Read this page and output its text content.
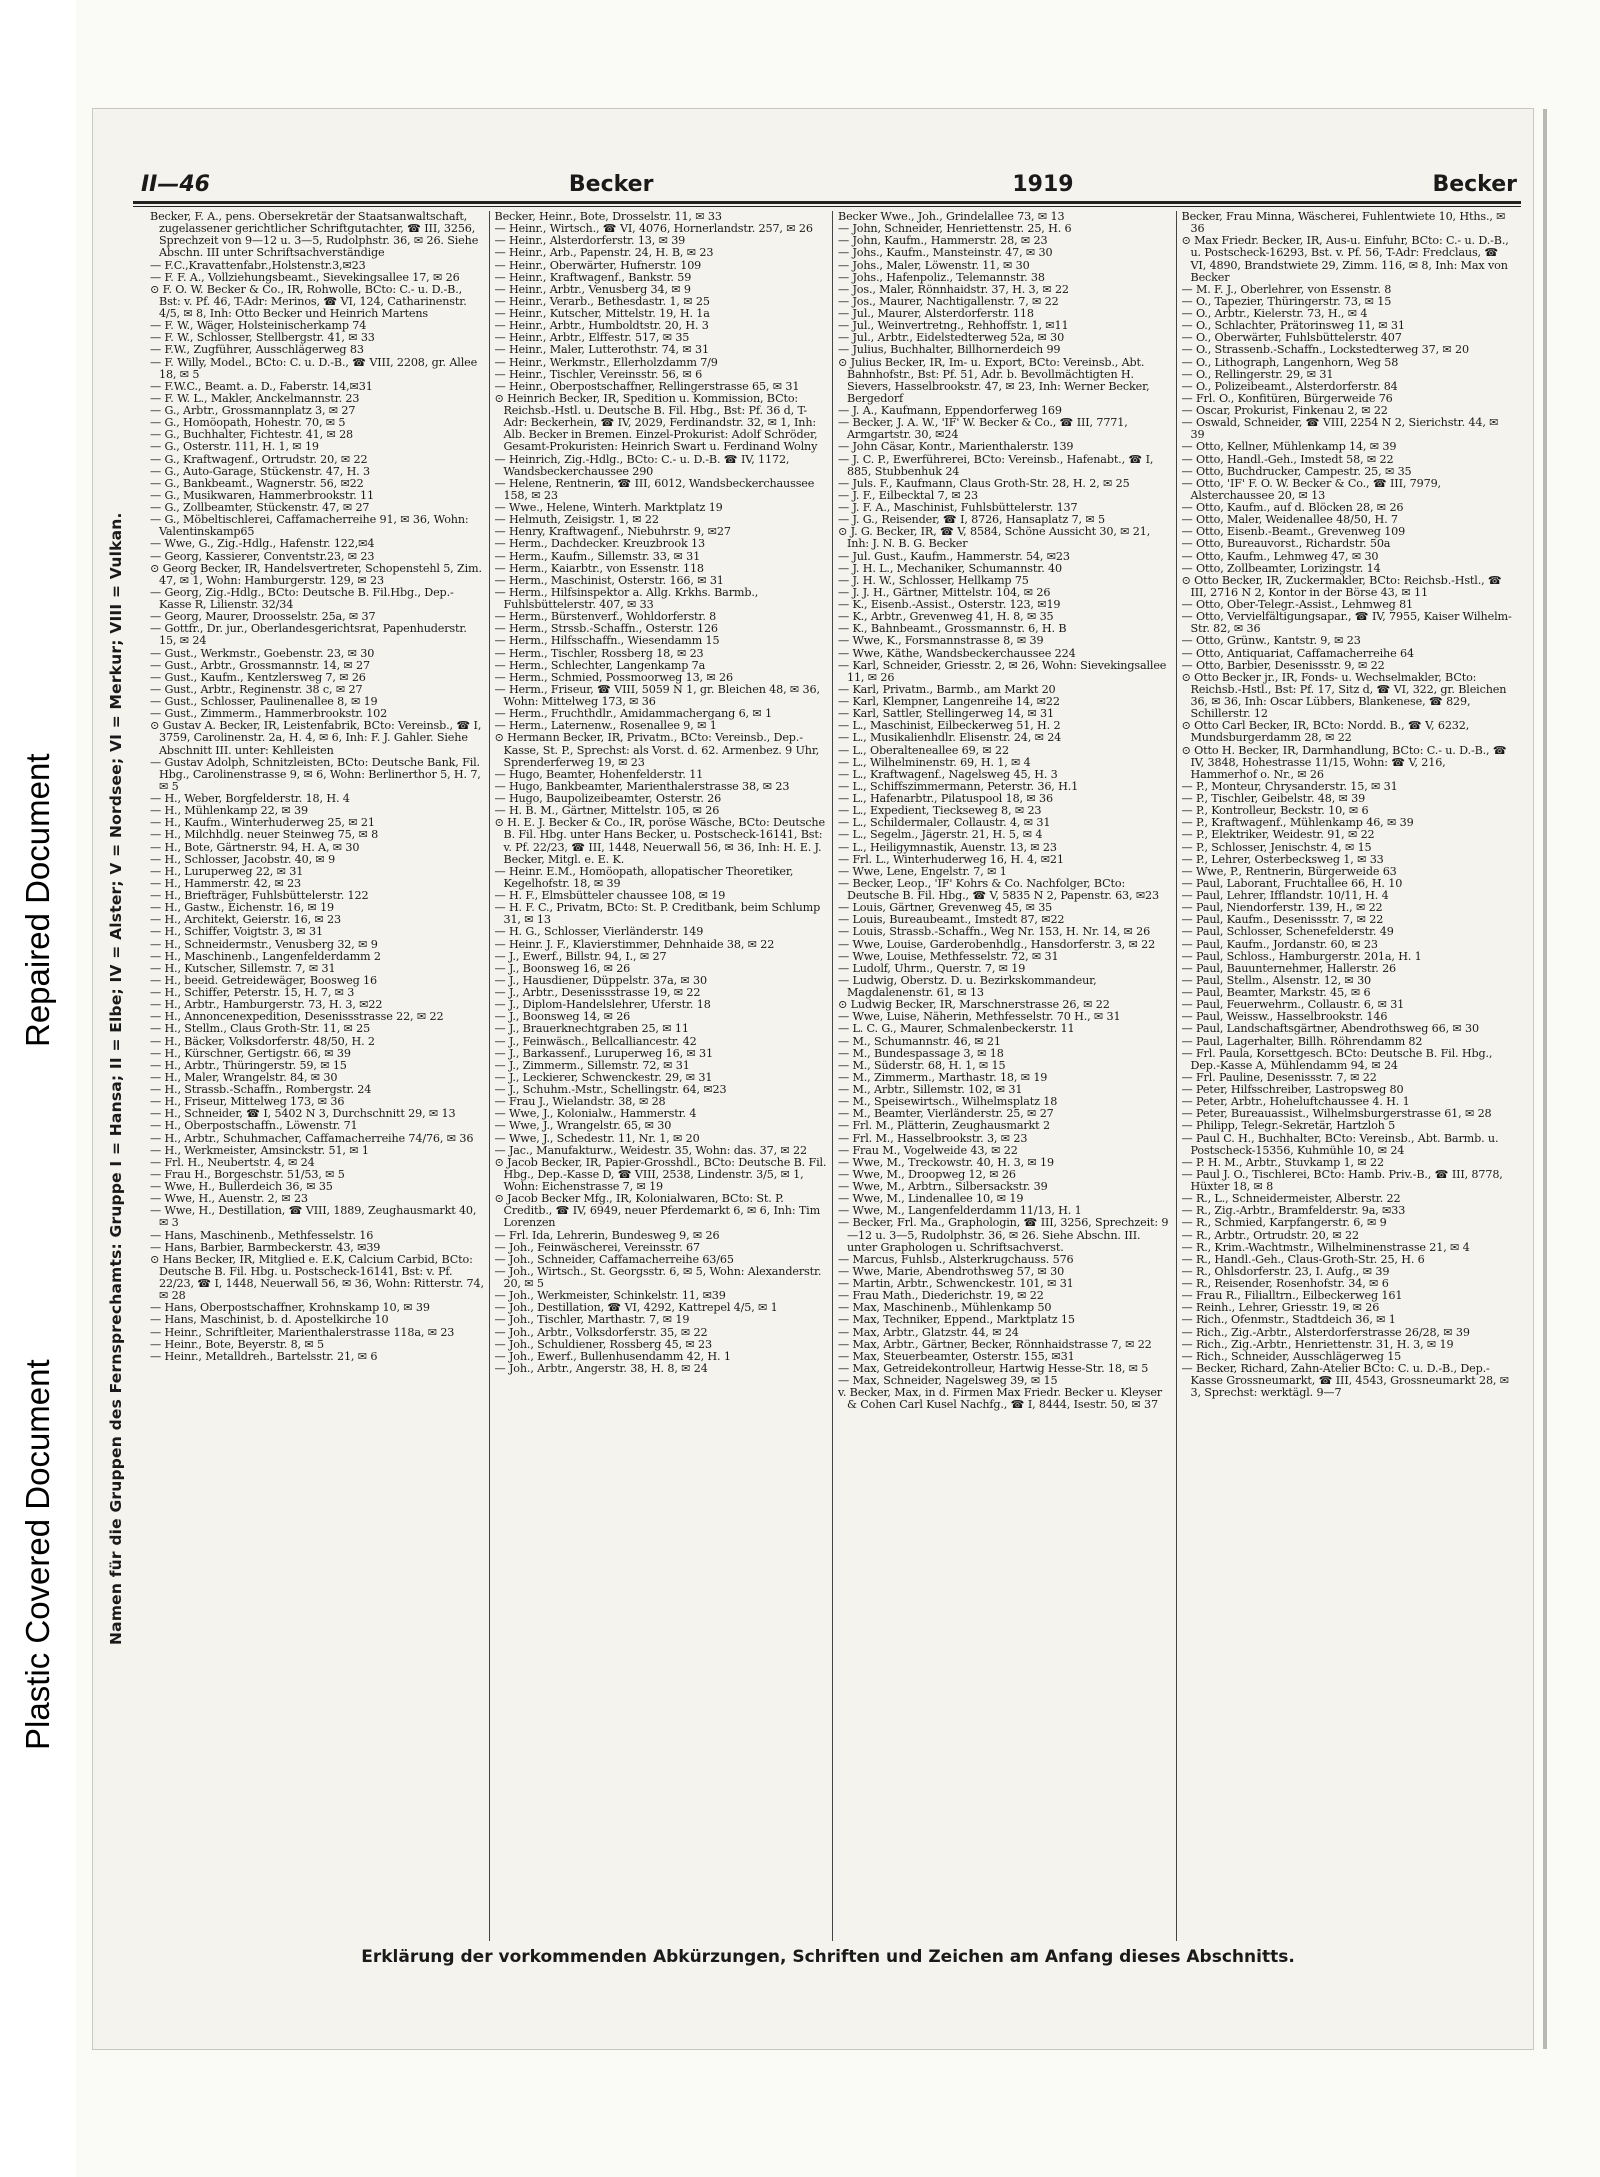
Repaired Document
Plastic Covered Document
II—46	Becker	1919	Becker
Namen für die Gruppen des Fernsprechamts: Gruppe I = Hansa; II = Elbe; IV = Alster; V = Nordsee; VI = Merkur; VIII = Vulkan.

Becker, F. A., pens. Obersekretär der Staatsanwaltschaft, zugelassener gerichtlicher Schriftgutachter, ☎ III, 3256, Sprechzeit von 9—12 u. 3—5, Rudolphstr. 36, ✉ 26. Siehe Abschn. III unter Schriftsachverständige

— F.C.,Kravattenfabr.,Holstenstr.3,✉23

— F. F. A., Vollziehungsbeamt., Sievekingsallee 17, ✉ 26

⊙ F. O. W. Becker & Co., IR, Rohwolle, BCto: C.- u. D.-B., Bst: v. Pf. 46, T-Adr: Merinos, ☎ VI, 124, Catharinenstr. 4/5, ✉ 8, Inh: Otto Becker und Heinrich Martens

— F. W., Wäger, Holsteinischerkamp 74

— F. W., Schlosser, Stellbergstr. 41, ✉ 33

— F.W., Zugführer, Ausschlägerweg 83

— F. Willy, Model., BCto: C. u. D.-B., ☎ VIII, 2208, gr. Allee 18, ✉ 5

— F.W.C., Beamt. a. D., Faberstr. 14,✉31

— F. W. L., Makler, Anckelmannstr. 23

— G., Arbtr., Grossmannplatz 3, ✉ 27

— G., Homöopath, Hohestr. 70, ✉ 5

— G., Buchhalter, Fichtestr. 41, ✉ 28

— G., Osterstr. 111, H. 1, ✉ 19

— G., Kraftwagenf., Ortrudstr. 20, ✉ 22

— G., Auto-Garage, Stückenstr. 47, H. 3

— G., Bankbeamt., Wagnerstr. 56, ✉22

— G., Musikwaren, Hammerbrookstr. 11

— G., Zollbeamter, Stückenstr. 47, ✉ 27

— G., Möbeltischlerei, Caffamacherreihe 91, ✉ 36, Wohn: Valentinskamp65

— Wwe, G., Zig.-Hdlg., Hafenstr. 122,✉4

— Georg, Kassierer, Conventstr.23, ✉ 23

⊙ Georg Becker, IR, Handelsvertreter, Schopenstehl 5, Zim. 47, ✉ 1, Wohn: Hamburgerstr. 129, ✉ 23

— Georg, Zig.-Hdlg., BCto: Deutsche B. Fil.Hbg., Dep.-Kasse R, Lilienstr. 32/34

— Georg, Maurer, Droosselstr. 25a, ✉ 37

— Gottfr., Dr. jur., Oberlandesgerichtsrat, Papenhuderstr. 15, ✉ 24

— Gust., Werkmstr., Goebenstr. 23, ✉ 30

— Gust., Arbtr., Grossmannstr. 14, ✉ 27

— Gust., Kaufm., Kentzlersweg 7, ✉ 26

— Gust., Arbtr., Reginenstr. 38 c, ✉ 27

— Gust., Schlosser, Paulinenallee 8, ✉ 19

— Gust., Zimmerm., Hammerbrookstr. 102

⊙ Gustav A. Becker, IR, Leistenfabrik, BCto: Vereinsb., ☎ I, 3759, Carolinenstr. 2a, H. 4, ✉ 6, Inh: F. J. Gahler. Siehe Abschnitt III. unter: Kehlleisten

— Gustav Adolph, Schnitzleisten, BCto: Deutsche Bank, Fil. Hbg., Carolinenstrasse 9, ✉ 6, Wohn: Berlinerthor 5, H. 7, ✉ 5

— H., Weber, Borgfelderstr. 18, H. 4

— H., Mühlenkamp 22, ✉ 39

— H., Kaufm., Winterhuderweg 25, ✉ 21

— H., Milchhdlg. neuer Steinweg 75, ✉ 8

— H., Bote, Gärtnerstr. 94, H. A, ✉ 30

— H., Schlosser, Jacobstr. 40, ✉ 9

— H., Luruperweg 22, ✉ 31

— H., Hammerstr. 42, ✉ 23

— H., Briefträger, Fuhlsbüttelerstr. 122

— H., Gastw., Eichenstr. 16, ✉ 19

— H., Architekt, Geierstr. 16, ✉ 23

— H., Schiffer, Voigtstr. 3, ✉ 31

— H., Schneidermstr., Venusberg 32, ✉ 9

— H., Maschinenb., Langenfelderdamm 2

— H., Kutscher, Sillemstr. 7, ✉ 31

— H., beeid. Getreidewäger, Boosweg 16

— H., Schiffer, Peterstr. 15, H. 7, ✉ 3

— H., Arbtr., Hamburgerstr. 73, H. 3, ✉22

— H., Annoncenexpedition, Desenissstrasse 22, ✉ 22

— H., Stellm., Claus Groth-Str. 11, ✉ 25

— H., Bäcker, Volksdorferstr. 48/50, H. 2

— H., Kürschner, Gertigstr. 66, ✉ 39

— H., Arbtr., Thüringerstr. 59, ✉ 15

— H., Maler, Wrangelstr. 84, ✉ 30

— H., Strassb.-Schaffn., Rombergstr. 24

— H., Friseur, Mittelweg 173, ✉ 36

— H., Schneider, ☎ I, 5402 N 3, Durchschnitt 29, ✉ 13

— H., Oberpostschaffn., Löwenstr. 71

— H., Arbtr., Schuhmacher, Caffamacherreihe 74/76, ✉ 36

— H., Werkmeister, Amsinckstr. 51, ✉ 1

— Frl. H., Neubertstr. 4, ✉ 24

— Frau H., Borgeschstr. 51/53, ✉ 5

— Wwe, H., Bullerdeich 36, ✉ 35

— Wwe, H., Auenstr. 2, ✉ 23

— Wwe, H., Destillation, ☎ VIII, 1889, Zeughausmarkt 40, ✉ 3

— Hans, Maschinenb., Methfesselstr. 16

— Hans, Barbier, Barmbeckerstr. 43, ✉39

⊙ Hans Becker, IR, Mitglied e. E.K, Calcium Carbid, BCto: Deutsche B. Fil. Hbg. u. Postscheck-16141, Bst: v. Pf. 22/23, ☎ I, 1448, Neuerwall 56, ✉ 36, Wohn: Ritterstr. 74, ✉ 28

— Hans, Oberpostschaffner, Krohnskamp 10, ✉ 39

— Hans, Maschinist, b. d. Apostelkirche 10

— Heinr., Schriftleiter, Marienthalerstrasse 118a, ✉ 23

— Heinr., Bote, Beyerstr. 8, ✉ 5

— Heinr., Metalldreh., Bartelsstr. 21, ✉ 6

Becker, Heinr., Bote, Drosselstr. 11, ✉ 33

— Heinr., Wirtsch., ☎ VI, 4076, Hornerlandstr. 257, ✉ 26

— Heinr., Alsterdorferstr. 13, ✉ 39

— Heinr., Arb., Papenstr. 24, H. B, ✉ 23

— Heinr., Oberwärter, Hufnerstr. 109

— Heinr., Kraftwagenf., Bankstr. 59

— Heinr., Arbtr., Venusberg 34, ✉ 9

— Heinr., Verarb., Bethesdastr. 1, ✉ 25

— Heinr., Kutscher, Mittelstr. 19, H. 1a

— Heinr., Arbtr., Humboldtstr. 20, H. 3

— Heinr., Arbtr., Elffestr. 517, ✉ 35

— Heinr., Maler, Lutterothstr. 74, ✉ 31

— Heinr., Werkmstr., Ellerholzdamm 7/9

— Heinr., Tischler, Vereinsstr. 56, ✉ 6

— Heinr., Oberpostschaffner, Rellingerstrasse 65, ✉ 31

⊙ Heinrich Becker, IR, Spedition u. Kommission, BCto: Reichsb.-Hstl. u. Deutsche B. Fil. Hbg., Bst: Pf. 36 d, T-Adr: Beckerhein, ☎ IV, 2029, Ferdinandstr. 32, ✉ 1, Inh: Alb. Becker in Bremen. Einzel-Prokurist: Adolf Schröder, Gesamt-Prokuristen: Heinrich Swart u. Ferdinand Wolny

— Heinrich, Zig.-Hdlg., BCto: C.- u. D.-B. ☎ IV, 1172, Wandsbeckerchaussee 290

— Helene, Rentnerin, ☎ III, 6012, Wandsbeckerchaussee 158, ✉ 23

— Wwe., Helene, Winterh. Marktplatz 19

— Helmuth, Zeisigstr. 1, ✉ 22

— Henry, Kraftwagenf., Niebuhrstr. 9, ✉27

— Herm., Dachdecker. Kreuzbrook 13

— Herm., Kaufm., Sillemstr. 33, ✉ 31

— Herm., Kaiarbtr., von Essenstr. 118

— Herm., Maschinist, Osterstr. 166, ✉ 31

— Herm., Hilfsinspektor a. Allg. Krkhs. Barmb., Fuhlsbüttelerstr. 407, ✉ 33

— Herm., Bürstenverf., Wohldorferstr. 8

— Herm., Strssb.-Schaffn., Osterstr. 126

— Herm., Hilfsschaffn., Wiesendamm 15

— Herm., Tischler, Rossberg 18, ✉ 23

— Herm., Schlechter, Langenkamp 7a

— Herm., Schmied, Possmoorweg 13, ✉ 26

— Herm., Friseur, ☎ VIII, 5059 N 1, gr. Bleichen 48, ✉ 36, Wohn: Mittelweg 173, ✉ 36

— Herm., Fruchthdlr., Amidammachergang 6, ✉ 1

— Herm., Laternenw., Rosenallee 9, ✉ 1

⊙ Hermann Becker, IR, Privatm., BCto: Vereinsb., Dep.-Kasse, St. P., Sprechst: als Vorst. d. 62. Armenbez. 9 Uhr, Sprenderferweg 19, ✉ 23

— Hugo, Beamter, Hohenfelderstr. 11

— Hugo, Bankbeamter, Marienthalerstrasse 38, ✉ 23

— Hugo, Baupolizeibeamter, Osterstr. 26

— H. B. M., Gärtner, Mittelstr. 105, ✉ 26

⊙ H. E. J. Becker & Co., IR, poröse Wäsche, BCto: Deutsche B. Fil. Hbg. unter Hans Becker, u. Postscheck-16141, Bst: v. Pf. 22/23, ☎ III, 1448, Neuerwall 56, ✉ 36, Inh: H. E. J. Becker, Mitgl. e. E. K.

— Heinr. E.M., Homöopath, allopatischer Theoretiker, Kegelhofstr. 18, ✉ 39

— H. F., Elmsbütteler chaussee 108, ✉ 19

— H. F. C., Privatm, BCto: St. P. Creditbank, beim Schlump 31, ✉ 13

— H. G., Schlosser, Vierländerstr. 149

— Heinr. J. F., Klavierstimmer, Dehnhaide 38, ✉ 22

— J., Ewerf., Billstr. 94, I., ✉ 27

— J., Boonsweg 16, ✉ 26

— J., Hausdiener, Düppelstr. 37a, ✉ 30

— J., Arbtr., Desenissstrasse 19, ✉ 22

— J., Diplom-Handelslehrer, Uferstr. 18

— J., Boonsweg 14, ✉ 26

— J., Brauerknechtgraben 25, ✉ 11

— J., Feinwäsch., Bellcalliancestr. 42

— J., Barkassenf., Luruperweg 16, ✉ 31

— J., Zimmerm., Sillemstr. 72, ✉ 31

— J., Leckierer, Schwenckestr. 29, ✉ 31

— J., Schuhm.-Mstr., Schellingstr. 64, ✉23

— Frau J., Wielandstr. 38, ✉ 28

— Wwe, J., Kolonialw., Hammerstr. 4

— Wwe, J., Wrangelstr. 65, ✉ 30

— Wwe, J., Schedestr. 11, Nr. 1, ✉ 20

— Jac., Manufakturw., Weidestr. 35, Wohn: das. 37, ✉ 22

⊙ Jacob Becker, IR, Papier-Grosshdl., BCto: Deutsche B. Fil. Hbg., Dep.-Kasse D, ☎ VIII, 2538, Lindenstr. 3/5, ✉ 1, Wohn: Eichenstrasse 7, ✉ 19

⊙ Jacob Becker Mfg., IR, Kolonialwaren, BCto: St. P. Creditb., ☎ IV, 6949, neuer Pferdemarkt 6, ✉ 6, Inh: Tim Lorenzen

— Frl. Ida, Lehrerin, Bundesweg 9, ✉ 26

— Joh., Feinwäscherei, Vereinsstr. 67

— Joh., Schneider, Caffamacherreihe 63/65

— Joh., Wirtsch., St. Georgsstr. 6, ✉ 5, Wohn: Alexanderstr. 20, ✉ 5

— Joh., Werkmeister, Schinkelstr. 11, ✉39

— Joh., Destillation, ☎ VI, 4292, Kattrepel 4/5, ✉ 1

— Joh., Tischler, Marthastr. 7, ✉ 19

— Joh., Arbtr., Volksdorferstr. 35, ✉ 22

— Joh., Schuldiener, Rossberg 45, ✉ 23

— Joh., Ewerf., Bullenhusendamm 42, H. 1

— Joh., Arbtr., Angerstr. 38, H. 8, ✉ 24

Becker Wwe., Joh., Grindelallee 73, ✉ 13

— John, Schneider, Henriettenstr. 25, H. 6

— John, Kaufm., Hammerstr. 28, ✉ 23

— Johs., Kaufm., Mansteinstr. 47, ✉ 30

— Johs., Maler, Löwenstr. 11, ✉ 30

— Johs., Hafenpoliz., Telemannstr. 38

— Jos., Maler, Rönnhaidstr. 37, H. 3, ✉ 22

— Jos., Maurer, Nachtigallenstr. 7, ✉ 22

— Jul., Maurer, Alsterdorferstr. 118

— Jul., Weinvertretng., Rehhoffstr. 1, ✉11

— Jul., Arbtr., Eidelstedterweg 52a, ✉ 30

— Julius, Buchhalter, Billhornerdeich 99

⊙ Julius Becker, IR, Im- u. Export, BCto: Vereinsb., Abt. Bahnhofstr., Bst: Pf. 51, Adr. b. Bevollmächtigten H. Sievers, Hasselbrookstr. 47, ✉ 23, Inh: Werner Becker, Bergedorf

— J. A., Kaufmann, Eppendorferweg 169

— Becker, J. A. W., 'IF' W. Becker & Co., ☎ III, 7771, Armgartstr. 30, ✉24

— John Cäsar, Kontr., Marienthalerstr. 139

— J. C. P., Ewerführerei, BCto: Vereinsb., Hafenabt., ☎ I, 885, Stubbenhuk 24

— Juls. F., Kaufmann, Claus Groth-Str. 28, H. 2, ✉ 25

— J. F., Eilbecktal 7, ✉ 23

— J. F. A., Maschinist, Fuhlsbüttelerstr. 137

— J. G., Reisender, ☎ I, 8726, Hansaplatz 7, ✉ 5

⊙ J. G. Becker, IR, ☎ V, 8584, Schöne Aussicht 30, ✉ 21, Inh: J. N. B. G. Becker

— Jul. Gust., Kaufm., Hammerstr. 54, ✉23

— J. H. L., Mechaniker, Schumannstr. 40

— J. H. W., Schlosser, Hellkamp 75

— J. J. H., Gärtner, Mittelstr. 104, ✉ 26

— K., Eisenb.-Assist., Osterstr. 123, ✉19

— K., Arbtr., Grevenweg 41, H. 8, ✉ 35

— K., Bahnbeamt., Grossmannstr. 6, H. B

— Wwe, K., Forsmannstrasse 8, ✉ 39

— Wwe, Käthe, Wandsbeckerchaussee 224

— Karl, Schneider, Griesstr. 2, ✉ 26, Wohn: Sievekingsallee 11, ✉ 26

— Karl, Privatm., Barmb., am Markt 20

— Karl, Klempner, Langenreihe 14, ✉22

— Karl, Sattler, Stellingerweg 14, ✉ 31

— L., Maschinist, Eilbeckerweg 51, H. 2

— L., Musikalienhdlr. Elisenstr. 24, ✉ 24

— L., Oberalteneallee 69, ✉ 22

— L., Wilhelminenstr. 69, H. 1, ✉ 4

— L., Kraftwagenf., Nagelsweg 45, H. 3

— L., Schiffszimmermann, Peterstr. 36, H.1

— L., Hafenarbtr., Pilatuspool 18, ✉ 36

— L., Expedient, Tieckseweg 8, ✉ 23

— L., Schildermaler, Collaustr. 4, ✉ 31

— L., Segelm., Jägerstr. 21, H. 5, ✉ 4

— L., Heiligymnastik, Auenstr. 13, ✉ 23

— Frl. L., Winterhuderweg 16, H. 4, ✉21

— Wwe, Lene, Engelstr. 7, ✉ 1

— Becker, Leop., 'IF' Kohrs & Co. Nachfolger, BCto: Deutsche B. Fil. Hbg., ☎ V, 5835 N 2, Papenstr. 63, ✉23

— Louis, Gärtner, Grevenweg 45, ✉ 35

— Louis, Bureaubeamt., Imstedt 87, ✉22

— Louis, Strassb.-Schaffn., Weg Nr. 153, H. Nr. 14, ✉ 26

— Wwe, Louise, Garderobenhdlg., Hansdorferstr. 3, ✉ 22

— Wwe, Louise, Methfesselstr. 72, ✉ 31

— Ludolf, Uhrm., Querstr. 7, ✉ 19

— Ludwig, Oberstz. D. u. Bezirkskommandeur, Magdalenenstr. 61, ✉ 13

⊙ Ludwig Becker, IR, Marschnerstrasse 26, ✉ 22

— Wwe, Luise, Näherin, Methfesselstr. 70 H., ✉ 31

— L. C. G., Maurer, Schmalenbeckerstr. 11

— M., Schumannstr. 46, ✉ 21

— M., Bundespassage 3, ✉ 18

— M., Süderstr. 68, H. 1, ✉ 15

— M., Zimmerm., Marthastr. 18, ✉ 19

— M., Arbtr., Sillemstr. 102, ✉ 31

— M., Speisewirtsch., Wilhelmsplatz 18

— M., Beamter, Vierländerstr. 25, ✉ 27

— Frl. M., Plätterin, Zeughausmarkt 2

— Frl. M., Hasselbrookstr. 3, ✉ 23

— Frau M., Vogelweide 43, ✉ 22

— Wwe, M., Treckowstr. 40, H. 3, ✉ 19

— Wwe, M., Droopweg 12, ✉ 26

— Wwe, M., Arbtrn., Silbersackstr. 39

— Wwe, M., Lindenallee 10, ✉ 19

— Wwe, M., Langenfelderdamm 11/13, H. 1

— Becker, Frl. Ma., Graphologin, ☎ III, 3256, Sprechzeit: 9—12 u. 3—5, Rudolphstr. 36, ✉ 26. Siehe Abschn. III. unter Graphologen u. Schriftsachverst.

— Marcus, Fuhlsb., Alsterkrugchauss. 576

— Wwe, Marie, Abendrothsweg 57, ✉ 30

— Martin, Arbtr., Schwenckestr. 101, ✉ 31

— Frau Math., Diederichstr. 19, ✉ 22

— Max, Maschinenb., Mühlenkamp 50

— Max, Techniker, Eppend., Marktplatz 15

— Max, Arbtr., Glatzstr. 44, ✉ 24

— Max, Arbtr., Gärtner, Becker, Rönnhaidstrasse 7, ✉ 22

— Max, Steuerbeamter, Osterstr. 155, ✉31

— Max, Getreidekontrolleur, Hartwig Hesse-Str. 18, ✉ 5

— Max, Schneider, Nagelsweg 39, ✉ 15

v. Becker, Max, in d. Firmen Max Friedr. Becker u. Kleyser & Cohen Carl Kusel Nachfg., ☎ I, 8444, Isestr. 50, ✉ 37

Becker, Frau Minna, Wäscherei, Fuhlentwiete 10, Hths., ✉ 36

⊙ Max Friedr. Becker, IR, Aus-u. Einfuhr, BCto: C.- u. D.-B., u. Postscheck-16293, Bst. v. Pf. 56, T-Adr: Fredclaus, ☎ VI, 4890, Brandstwiete 29, Zimm. 116, ✉ 8, Inh: Max von Becker

— M. F. J., Oberlehrer, von Essenstr. 8

— O., Tapezier, Thüringerstr. 73, ✉ 15

— O., Arbtr., Kielerstr. 73, H., ✉ 4

— O., Schlachter, Prätorinsweg 11, ✉ 31

— O., Oberwärter, Fuhlsbüttelerstr. 407

— O., Strassenb.-Schaffn., Lockstedterweg 37, ✉ 20

— O., Lithograph, Langenhorn, Weg 58

— O., Rellingerstr. 29, ✉ 31

— O., Polizeibeamt., Alsterdorferstr. 84

— Frl. O., Konfitüren, Bürgerweide 76

— Oscar, Prokurist, Finkenau 2, ✉ 22

— Oswald, Schneider, ☎ VIII, 2254 N 2, Sierichstr. 44, ✉ 39

— Otto, Kellner, Mühlenkamp 14, ✉ 39

— Otto, Handl.-Geh., Imstedt 58, ✉ 22

— Otto, Buchdrucker, Campestr. 25, ✉ 35

— Otto, 'IF' F. O. W. Becker & Co., ☎ III, 7979, Alsterchaussee 20, ✉ 13

— Otto, Kaufm., auf d. Blöcken 28, ✉ 26

— Otto, Maler, Weidenallee 48/50, H. 7

— Otto, Eisenb.-Beamt., Grevenweg 109

— Otto, Bureauvorst., Richardstr. 50a

— Otto, Kaufm., Lehmweg 47, ✉ 30

— Otto, Zollbeamter, Lorizingstr. 14

⊙ Otto Becker, IR, Zuckermakler, BCto: Reichsb.-Hstl., ☎ III, 2716 N 2, Kontor in der Börse 43, ✉ 11

— Otto, Ober-Telegr.-Assist., Lehmweg 81

— Otto, Vervielfältigungsapar., ☎ IV, 7955, Kaiser Wilhelm-Str. 82, ✉ 36

— Otto, Grünw., Kantstr. 9, ✉ 23

— Otto, Antiquariat, Caffamacherreihe 64

— Otto, Barbier, Desenissstr. 9, ✉ 22

⊙ Otto Becker jr., IR, Fonds- u. Wechselmakler, BCto: Reichsb.-Hstl., Bst: Pf. 17, Sitz d, ☎ VI, 322, gr. Bleichen 36, ✉ 36, Inh: Oscar Lübbers, Blankenese, ☎ 829, Schillerstr. 12

⊙ Otto Carl Becker, IR, BCto: Nordd. B., ☎ V, 6232, Mundsburgerdamm 28, ✉ 22

⊙ Otto H. Becker, IR, Darmhandlung, BCto: C.- u. D.-B., ☎ IV, 3848, Hohestrasse 11/15, Wohn: ☎ V, 216, Hammerhof o. Nr., ✉ 26

— P., Monteur, Chrysanderstr. 15, ✉ 31

— P., Tischler, Geibelstr. 48, ✉ 39

— P., Kontrolleur, Beckstr. 10, ✉ 6

— P., Kraftwagenf., Mühlenkamp 46, ✉ 39

— P., Elektriker, Weidestr. 91, ✉ 22

— P., Schlosser, Jenischstr. 4, ✉ 15

— P., Lehrer, Osterbecksweg 1, ✉ 33

— Wwe, P., Rentnerin, Bürgerweide 63

— Paul, Laborant, Fruchtallee 66, H. 10

— Paul, Lehrer, Ifflandstr. 10/11, H. 4

— Paul, Niendorferstr. 139, H., ✉ 22

— Paul, Kaufm., Desenissstr. 7, ✉ 22

— Paul, Schlosser, Schenefelderstr. 49

— Paul, Kaufm., Jordanstr. 60, ✉ 23

— Paul, Schloss., Hamburgerstr. 201a, H. 1

— Paul, Bauunternehmer, Hallerstr. 26

— Paul, Stellm., Alsenstr. 12, ✉ 30

— Paul, Beamter, Markstr. 45, ✉ 6

— Paul, Feuerwehrm., Collaustr. 6, ✉ 31

— Paul, Weissw., Hasselbrookstr. 146

— Paul, Landschaftsgärtner, Abendrothsweg 66, ✉ 30

— Paul, Lagerhalter, Billh. Röhrendamm 82

— Frl. Paula, Korsettgesch. BCto: Deutsche B. Fil. Hbg., Dep.-Kasse A, Mühlendamm 94, ✉ 24

— Frl. Pauline, Desenissstr. 7, ✉ 22

— Peter, Hilfsschreiber, Lastropsweg 80

— Peter, Arbtr., Hoheluftchaussee 4. H. 1

— Peter, Bureauassist., Wilhelmsburgerstrasse 61, ✉ 28

— Philipp, Telegr.-Sekretär, Hartzloh 5

— Paul C. H., Buchhalter, BCto: Vereinsb., Abt. Barmb. u. Postscheck-15356, Kuhmühle 10, ✉ 24

— P. H. M., Arbtr., Stuvkamp 1, ✉ 22

— Paul J. O., Tischlerei, BCto: Hamb. Priv.-B., ☎ III, 8778, Hüxter 18, ✉ 8

— R., L., Schneidermeister, Alberstr. 22

— R., Zig.-Arbtr., Bramfelderstr. 9a, ✉33

— R., Schmied, Karpfangerstr. 6, ✉ 9

— R., Arbtr., Ortrudstr. 20, ✉ 22

— R., Krim.-Wachtmstr., Wilhelminenstrasse 21, ✉ 4

— R., Handl.-Geh., Claus-Groth-Str. 25, H. 6

— R., Ohlsdorferstr. 23, I. Aufg., ✉ 39

— R., Reisender, Rosenhofstr. 34, ✉ 6

— Frau R., Filialltrn., Eilbeckerweg 161

— Reinh., Lehrer, Griesstr. 19, ✉ 26

— Rich., Ofenmstr., Stadtdeich 36, ✉ 1

— Rich., Zig.-Arbtr., Alsterdorferstrasse 26/28, ✉ 39

— Rich., Zig.-Arbtr., Henriettenstr. 31, H. 3, ✉ 19

— Rich., Schneider, Ausschlägerweg 15

— Becker, Richard, Zahn-Atelier BCto: C. u. D.-B., Dep.-Kasse Grossneumarkt, ☎ III, 4543, Grossneumarkt 28, ✉ 3, Sprechst: werktägl. 9—7

Erklärung der vorkommenden Abkürzungen, Schriften und Zeichen am Anfang dieses Abschnitts.
